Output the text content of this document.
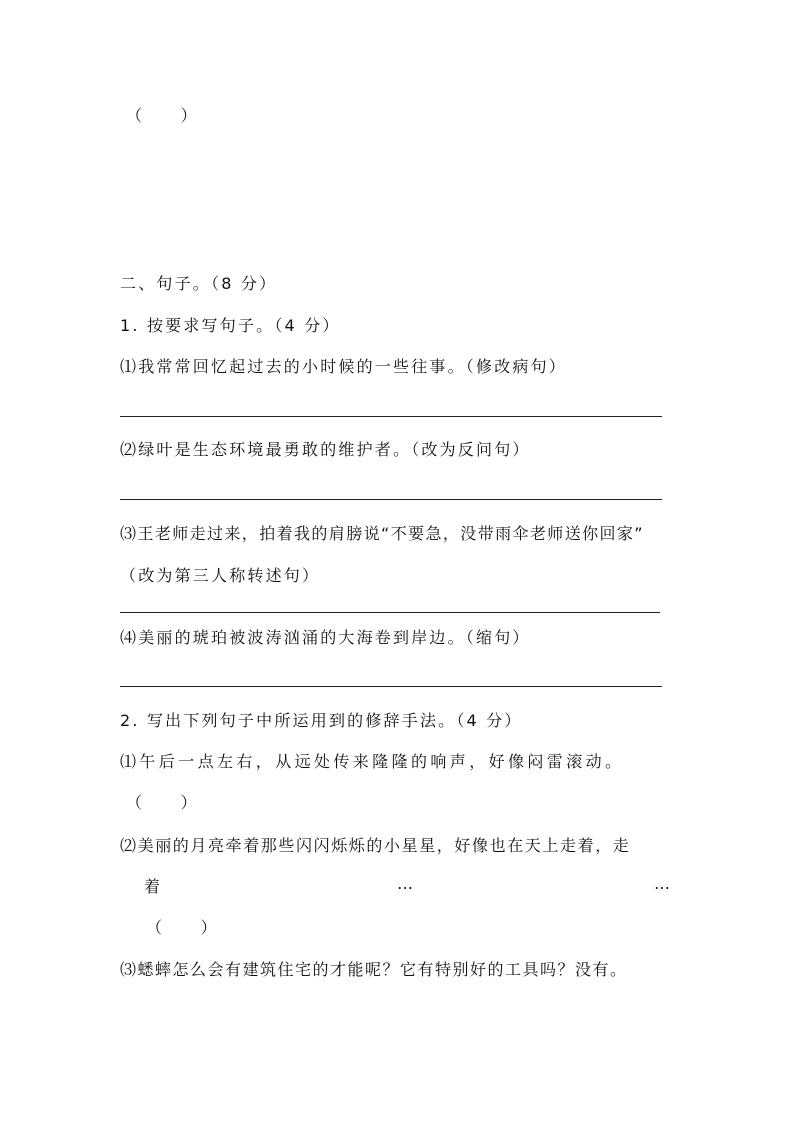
（　　）
二、句子。（8 分）
1. 按要求写句子。（4 分）
⑴我常常回忆起过去的小时候的一些往事。（修改病句）
⑵绿叶是生态环境最勇敢的维护者。（改为反问句）
⑶王老师走过来，拍着我的肩膀说“不要急，没带雨伞老师送你回家”
（改为第三人称转述句）
⑷美丽的琥珀被波涛汹涌的大海卷到岸边。（缩句）
2. 写出下列句子中所运用到的修辞手法。（4 分）
⑴午后一点左右，从远处传来隆隆的响声，好像闷雷滚动。
（　　）
⑵美丽的月亮牵着那些闪闪烁烁的小星星，好像也在天上走着，走
着	…	…
（　　）
⑶蟋蟀怎么会有建筑住宅的才能呢？它有特别好的工具吗？没有。
